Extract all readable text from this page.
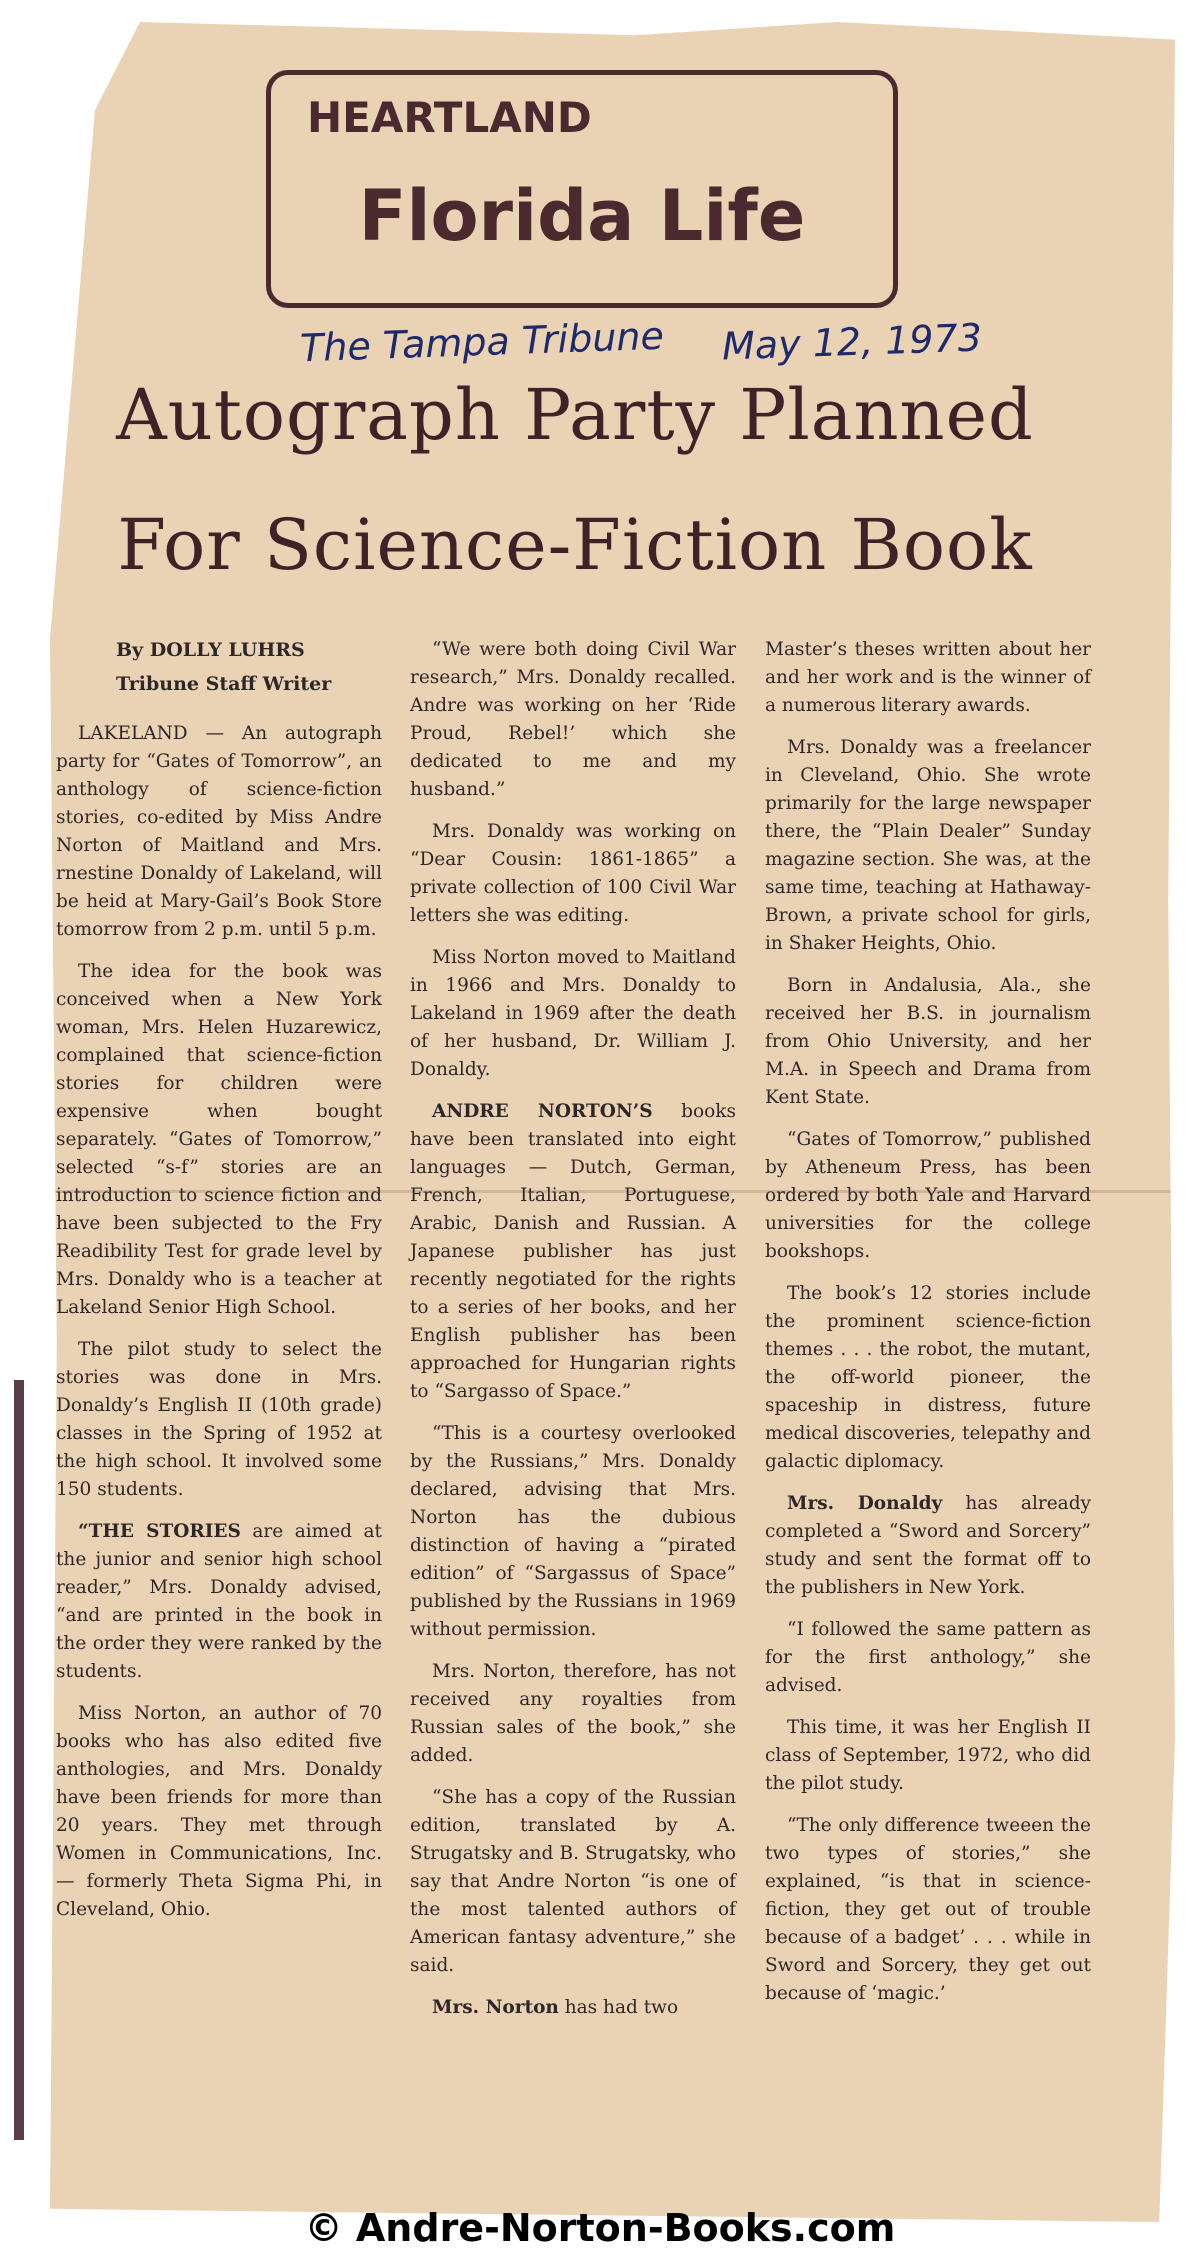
HEARTLAND
Florida Life
The Tampa Tribune May 12, 1973
Autograph Party Planned
For Science-Fiction Book
By DOLLY LUHRS
Tribune Staff Writer

LAKELAND — An autograph party for “Gates of Tomorrow”, an anthology of science-fiction stories, co-edited by Miss Andre Norton of Maitland and Mrs. rnestine Donaldy of Lakeland, will be heid at Mary-Gail’s Book Store tomorrow from 2 p.m. until 5 p.m.

The idea for the book was conceived when a New York woman, Mrs. Helen Huzarewicz, complained that science-fiction stories for children were expensive when bought separately. “Gates of Tomorrow,” selected “s-f” stories are an introduction to science fiction and have been subjected to the Fry Readibility Test for grade level by Mrs. Donaldy who is a teacher at Lakeland Senior High School.

The pilot study to select the stories was done in Mrs. Donaldy’s English II (10th grade) classes in the Spring of 1952 at the high school. It involved some 150 students.

“THE STORIES are aimed at the junior and senior high school reader,” Mrs. Donaldy advised, “and are printed in the book in the order they were ranked by the students.

Miss Norton, an author of 70 books who has also edited five anthologies, and Mrs. Donaldy have been friends for more than 20 years. They met through Women in Communications, Inc. — formerly Theta Sigma Phi, in Cleveland, Ohio.

“We were both doing Civil War research,” Mrs. Donaldy recalled. Andre was working on her ‘Ride Proud, Rebel!’ which she dedicated to me and my husband.”

Mrs. Donaldy was working on “Dear Cousin: 1861-1865” a private collection of 100 Civil War letters she was editing.

Miss Norton moved to Maitland in 1966 and Mrs. Donaldy to Lakeland in 1969 after the death of her husband, Dr. William J. Donaldy.

ANDRE NORTON’S books have been translated into eight languages — Dutch, German, French, Italian, Portuguese, Arabic, Danish and Russian. A Japanese publisher has just recently negotiated for the rights to a series of her books, and her English publisher has been approached for Hungarian rights to “Sargasso of Space.”

“This is a courtesy overlooked by the Russians,” Mrs. Donaldy declared, advising that Mrs. Norton has the dubious distinction of having a “pirated edition” of “Sargassus of Space” published by the Russians in 1969 without permission.

Mrs. Norton, therefore, has not received any royalties from Russian sales of the book,” she added.

“She has a copy of the Russian edition, translated by A. Strugatsky and B. Strugatsky, who say that Andre Norton “is one of the most talented authors of American fantasy adventure,” she said.

Mrs. Norton has had two

Master’s theses written about her and her work and is the winner of a numerous literary awards.

Mrs. Donaldy was a freelancer in Cleveland, Ohio. She wrote primarily for the large newspaper there, the “Plain Dealer” Sunday magazine section. She was, at the same time, teaching at Hathaway-Brown, a private school for girls, in Shaker Heights, Ohio.

Born in Andalusia, Ala., she received her B.S. in journalism from Ohio University, and her M.A. in Speech and Drama from Kent State.

“Gates of Tomorrow,” published by Atheneum Press, has been ordered by both Yale and Harvard universities for the college bookshops.

The book’s 12 stories include the prominent science-fiction themes . . . the robot, the mutant, the off-world pioneer, the spaceship in distress, future medical discoveries, telepathy and galactic diplomacy.

Mrs. Donaldy has already completed a “Sword and Sorcery” study and sent the format off to the publishers in New York.

“I followed the same pattern as for the first anthology,” she advised.

This time, it was her English II class of September, 1972, who did the pilot study.

“The only difference tweeen the two types of stories,” she explained, “is that in science-fiction, they get out of trouble because of a badget’ . . . while in Sword and Sorcery, they get out because of ‘magic.’

© Andre-Norton-Books.com
